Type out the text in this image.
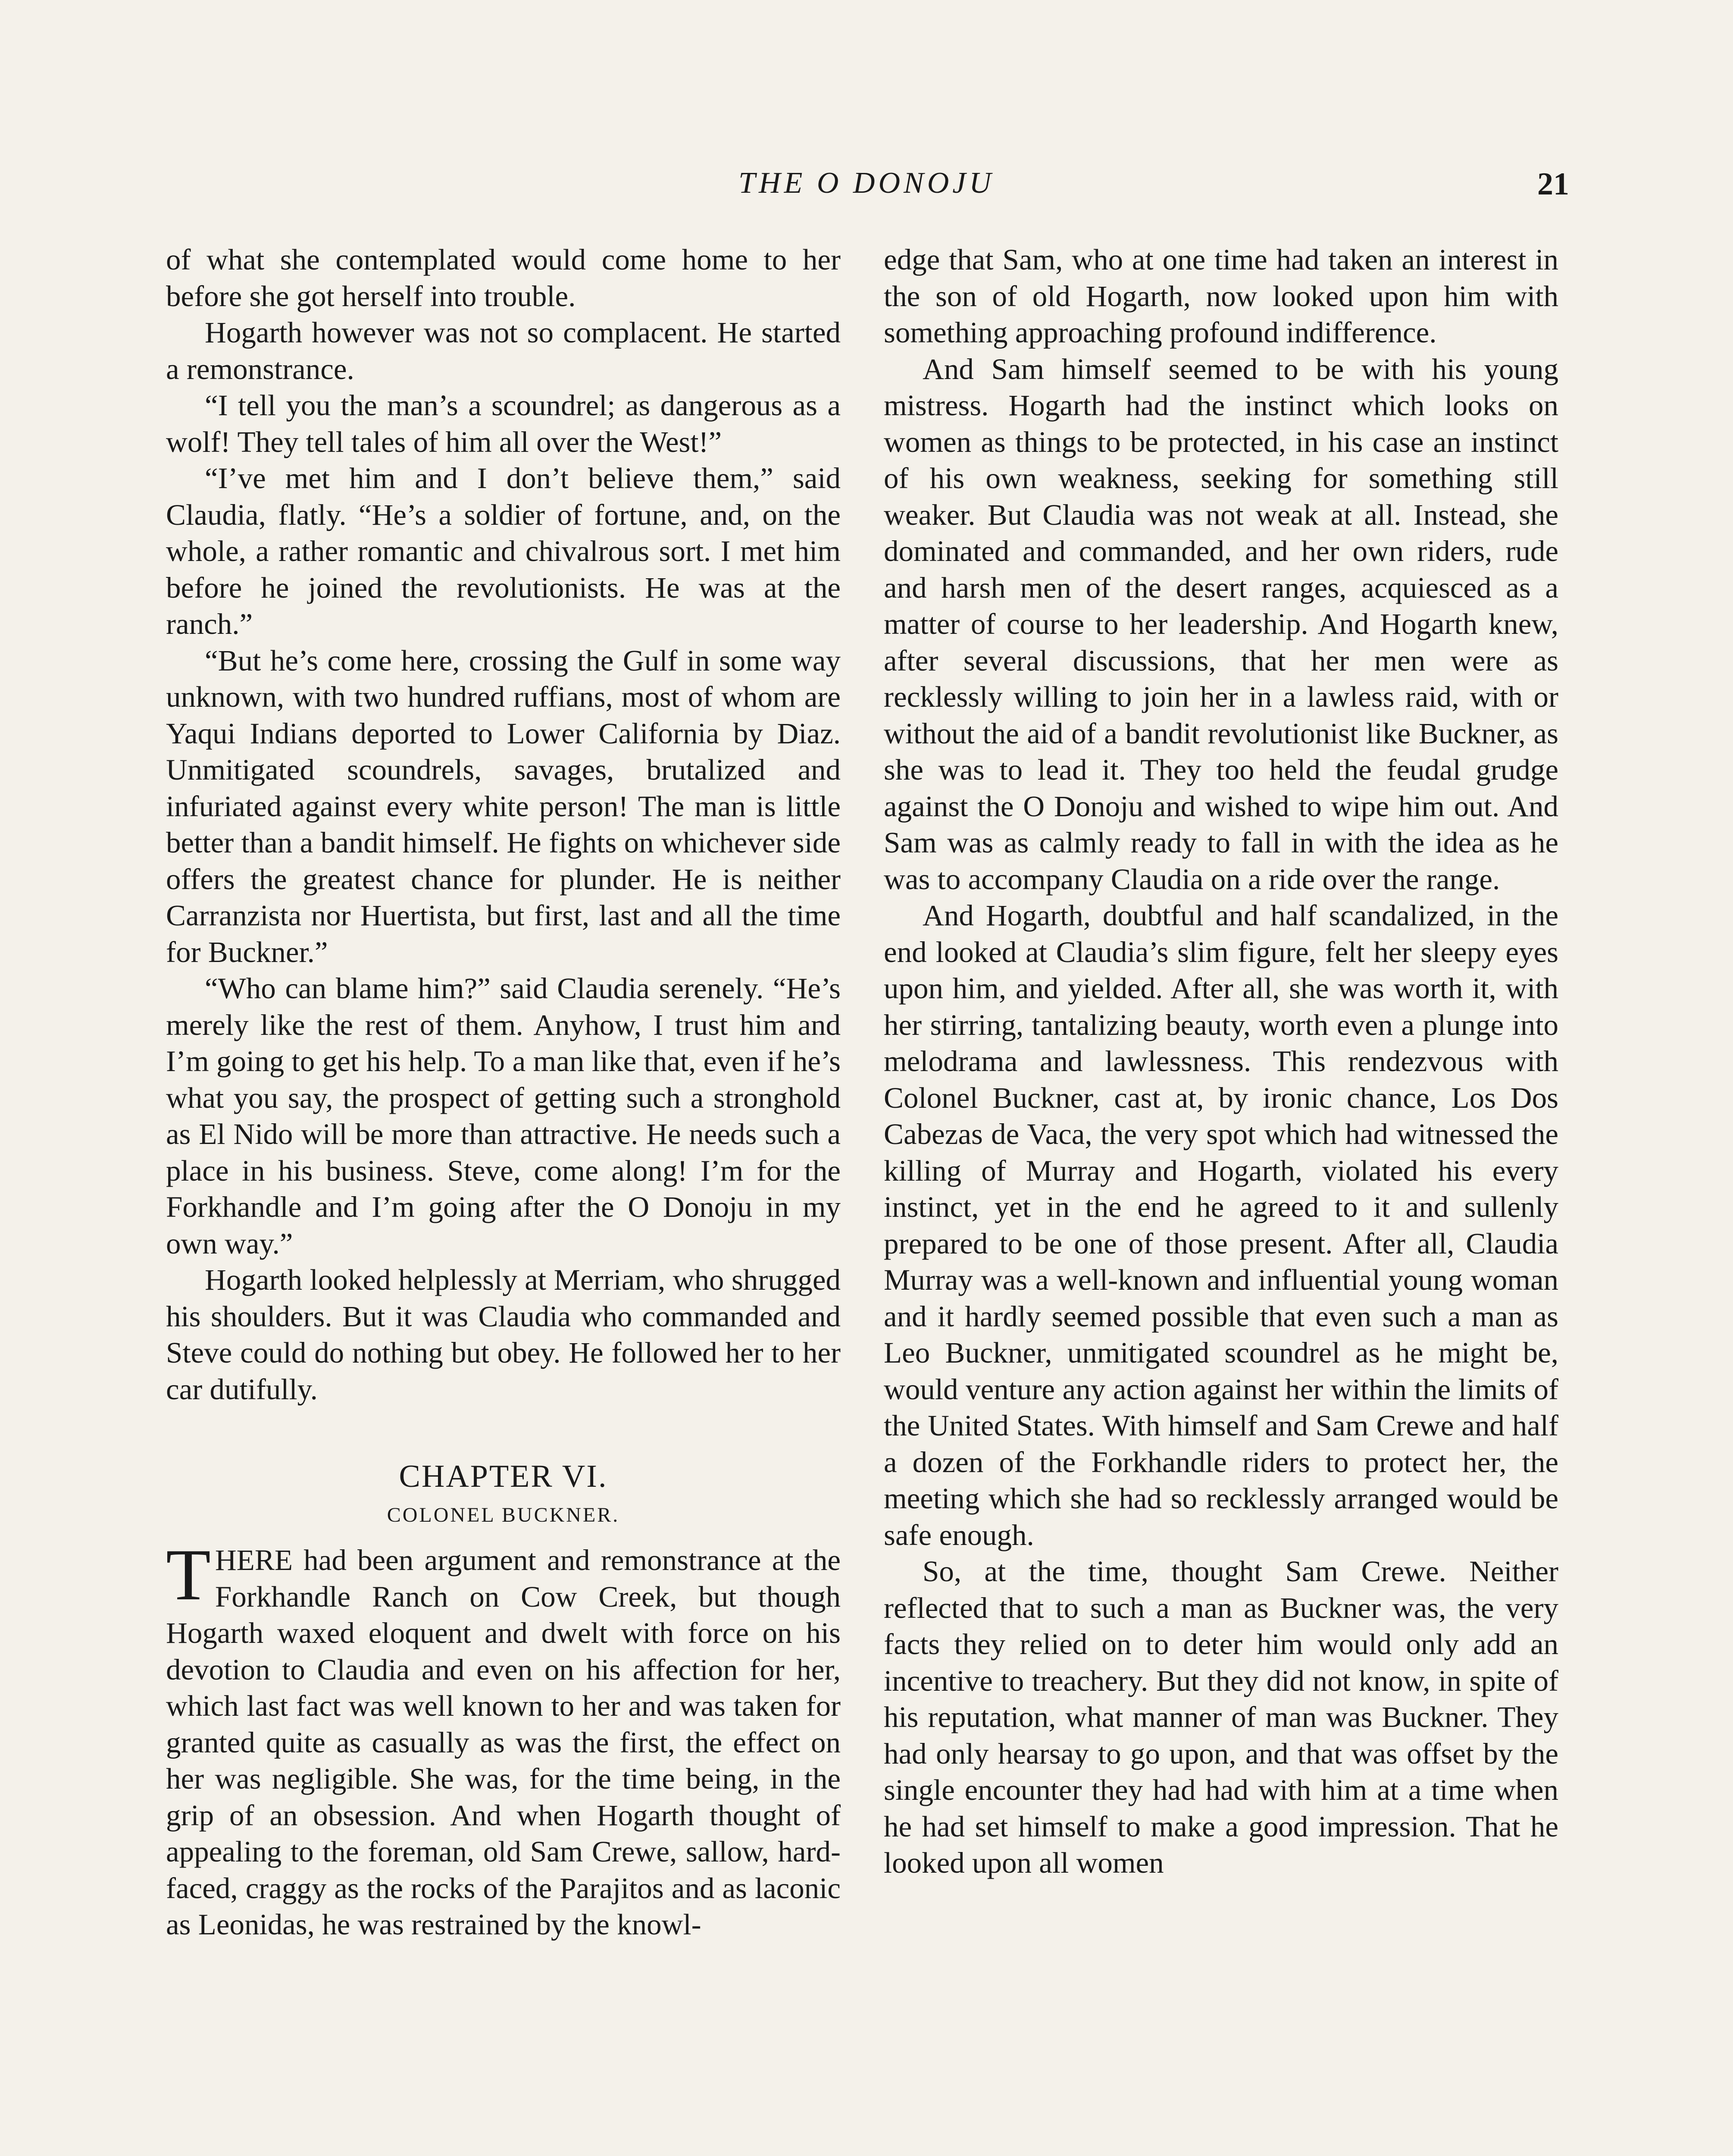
THE O DONOJU	21

of what she contemplated would come home to her before she got herself into trouble.

Hogarth however was not so complacent. He started a remonstrance.

“I tell you the man’s a scoundrel; as dangerous as a wolf! They tell tales of him all over the West!”

“I’ve met him and I don’t believe them,” said Claudia, flatly. “He’s a soldier of fortune, and, on the whole, a rather romantic and chivalrous sort. I met him before he joined the revolutionists. He was at the ranch.”

“But he’s come here, crossing the Gulf in some way unknown, with two hundred ruffians, most of whom are Yaqui Indians deported to Lower California by Diaz. Unmitigated scoundrels, savages, brutalized and infuriated against every white person! The man is little better than a bandit himself. He fights on whichever side offers the greatest chance for plunder. He is neither Carranzista nor Huertista, but first, last and all the time for Buckner.”

“Who can blame him?” said Claudia serenely. “He’s merely like the rest of them. Anyhow, I trust him and I’m going to get his help. To a man like that, even if he’s what you say, the prospect of getting such a stronghold as El Nido will be more than attractive. He needs such a place in his business. Steve, come along! I’m for the Forkhandle and I’m going after the O Donoju in my own way.”

Hogarth looked helplessly at Merriam, who shrugged his shoulders. But it was Claudia who commanded and Steve could do nothing but obey. He followed her to her car dutifully.

CHAPTER VI.
COLONEL BUCKNER.

THERE had been argument and remonstrance at the Forkhandle Ranch on Cow Creek, but though Hogarth waxed eloquent and dwelt with force on his devotion to Claudia and even on his affection for her, which last fact was well known to her and was taken for granted quite as casually as was the first, the effect on her was negligible. She was, for the time being, in the grip of an obsession. And when Hogarth thought of appealing to the foreman, old Sam Crewe, sallow, hard-faced, craggy as the rocks of the Parajitos and as laconic as Leonidas, he was restrained by the knowl-

edge that Sam, who at one time had taken an interest in the son of old Hogarth, now looked upon him with something approaching profound indifference.

And Sam himself seemed to be with his young mistress. Hogarth had the instinct which looks on women as things to be protected, in his case an instinct of his own weakness, seeking for something still weaker. But Claudia was not weak at all. Instead, she dominated and commanded, and her own riders, rude and harsh men of the desert ranges, acquiesced as a matter of course to her leadership. And Hogarth knew, after several discussions, that her men were as recklessly willing to join her in a lawless raid, with or without the aid of a bandit revolutionist like Buckner, as she was to lead it. They too held the feudal grudge against the O Donoju and wished to wipe him out. And Sam was as calmly ready to fall in with the idea as he was to accompany Claudia on a ride over the range.

And Hogarth, doubtful and half scandalized, in the end looked at Claudia’s slim figure, felt her sleepy eyes upon him, and yielded. After all, she was worth it, with her stirring, tantalizing beauty, worth even a plunge into melodrama and lawlessness. This rendezvous with Colonel Buckner, cast at, by ironic chance, Los Dos Cabezas de Vaca, the very spot which had witnessed the killing of Murray and Hogarth, violated his every instinct, yet in the end he agreed to it and sullenly prepared to be one of those present. After all, Claudia Murray was a well-known and influential young woman and it hardly seemed possible that even such a man as Leo Buckner, unmitigated scoundrel as he might be, would venture any action against her within the limits of the United States. With himself and Sam Crewe and half a dozen of the Forkhandle riders to protect her, the meeting which she had so recklessly arranged would be safe enough.

So, at the time, thought Sam Crewe. Neither reflected that to such a man as Buckner was, the very facts they relied on to deter him would only add an incentive to treachery. But they did not know, in spite of his reputation, what manner of man was Buckner. They had only hearsay to go upon, and that was offset by the single encounter they had had with him at a time when he had set himself to make a good impression. That he looked upon all women
